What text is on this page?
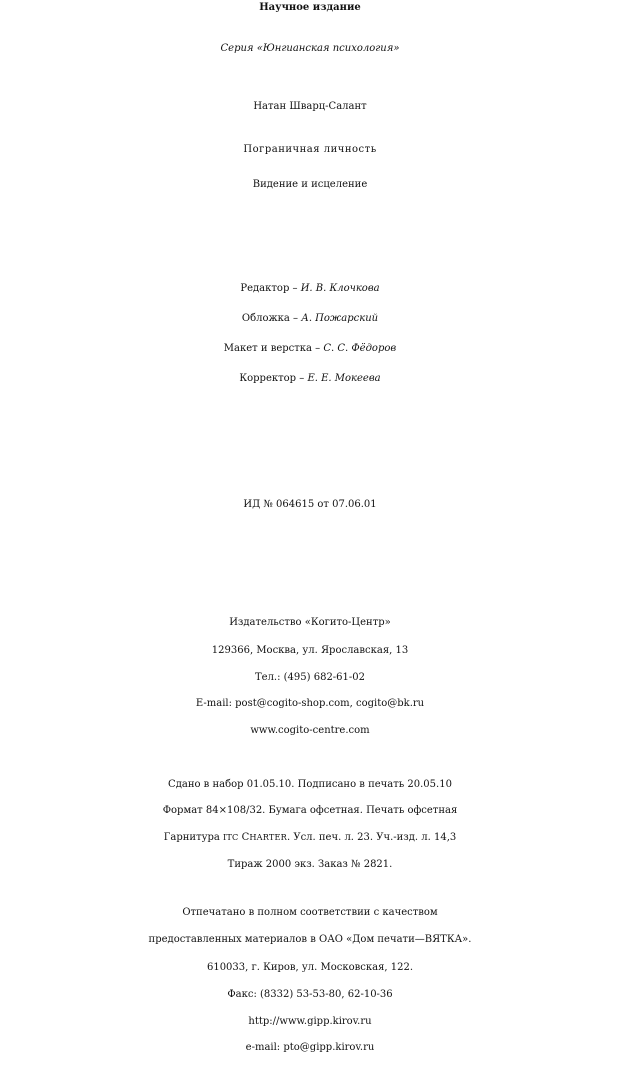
Научное издание
Серия «Юнгианская психология»
Натан Шварц-Салант
Пограничная личность
Видение и исцеление
Редактор – И. В. Клочкова
Обложка – А. Пожарский
Макет и верстка – С. С. Фёдоров
Корректор – Е. Е. Мокеева
ИД № 064615 от 07.06.01
Издательство «Когито-Центр»
129366, Москва, ул. Ярославская, 13
Тел.: (495) 682-61-02
E-mail: post@cogito-shop.com, cogito@bk.ru
www.cogito-centre.com
Сдано в набор 01.05.10. Подписано в печать 20.05.10
Формат 84×108/32. Бумага офсетная. Печать офсетная
Гарнитура ITC CHARTER. Усл. печ. л. 23. Уч.-изд. л. 14,3
Тираж 2000 экз. Заказ № 2821.
Отпечатано в полном соответствии с качеством
предоставленных материалов в ОАО «Дом печати—ВЯТКА».
610033, г. Киров, ул. Московская, 122.
Факс: (8332) 53-53-80, 62-10-36
http://www.gipp.kirov.ru
e-mail: pto@gipp.kirov.ru
